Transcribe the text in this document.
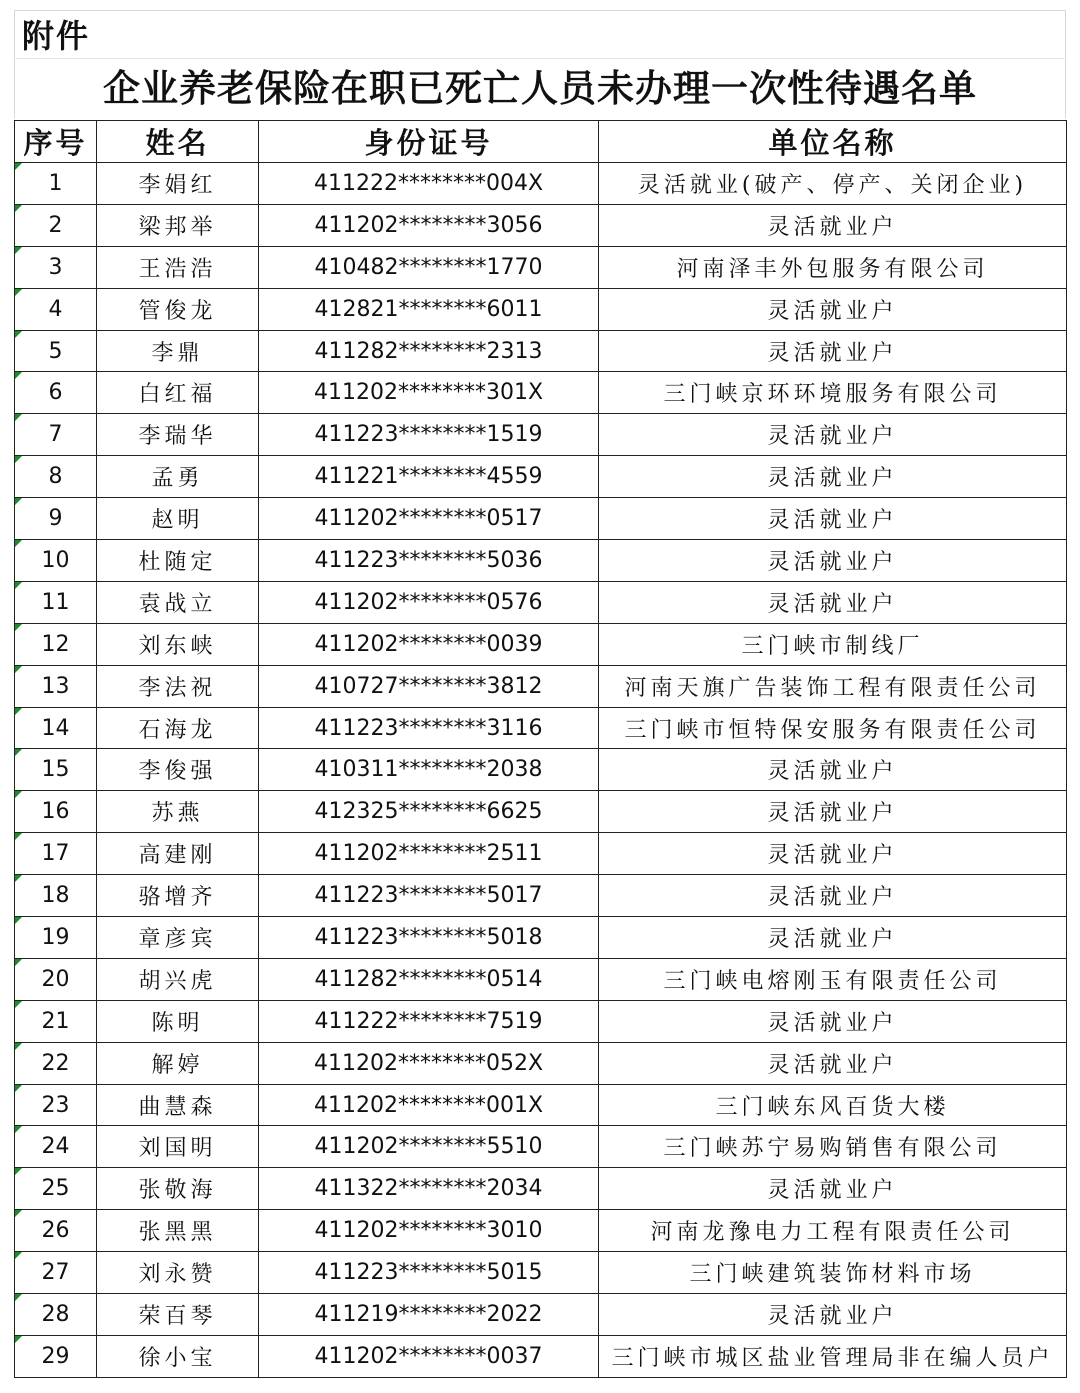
附件
企业养老保险在职已死亡人员未办理一次性待遇名单
序号	姓名	身份证号	单位名称
1	李娟红	411222********004X	灵活就业(破产、停产、关闭企业)
2	梁邦举	411202********3056	灵活就业户
3	王浩浩	410482********1770	河南泽丰外包服务有限公司
4	管俊龙	412821********6011	灵活就业户
5	李鼎	411282********2313	灵活就业户
6	白红福	411202********301X	三门峡京环环境服务有限公司
7	李瑞华	411223********1519	灵活就业户
8	孟勇	411221********4559	灵活就业户
9	赵明	411202********0517	灵活就业户
10	杜随定	411223********5036	灵活就业户
11	袁战立	411202********0576	灵活就业户
12	刘东峡	411202********0039	三门峡市制线厂
13	李法祝	410727********3812	河南天旗广告装饰工程有限责任公司
14	石海龙	411223********3116	三门峡市恒特保安服务有限责任公司
15	李俊强	410311********2038	灵活就业户
16	苏燕	412325********6625	灵活就业户
17	高建刚	411202********2511	灵活就业户
18	骆增齐	411223********5017	灵活就业户
19	章彦宾	411223********5018	灵活就业户
20	胡兴虎	411282********0514	三门峡电熔刚玉有限责任公司
21	陈明	411222********7519	灵活就业户
22	解婷	411202********052X	灵活就业户
23	曲慧森	411202********001X	三门峡东风百货大楼
24	刘国明	411202********5510	三门峡苏宁易购销售有限公司
25	张敬海	411322********2034	灵活就业户
26	张黑黑	411202********3010	河南龙豫电力工程有限责任公司
27	刘永赞	411223********5015	三门峡建筑装饰材料市场
28	荣百琴	411219********2022	灵活就业户
29	徐小宝	411202********0037	三门峡市城区盐业管理局非在编人员户
